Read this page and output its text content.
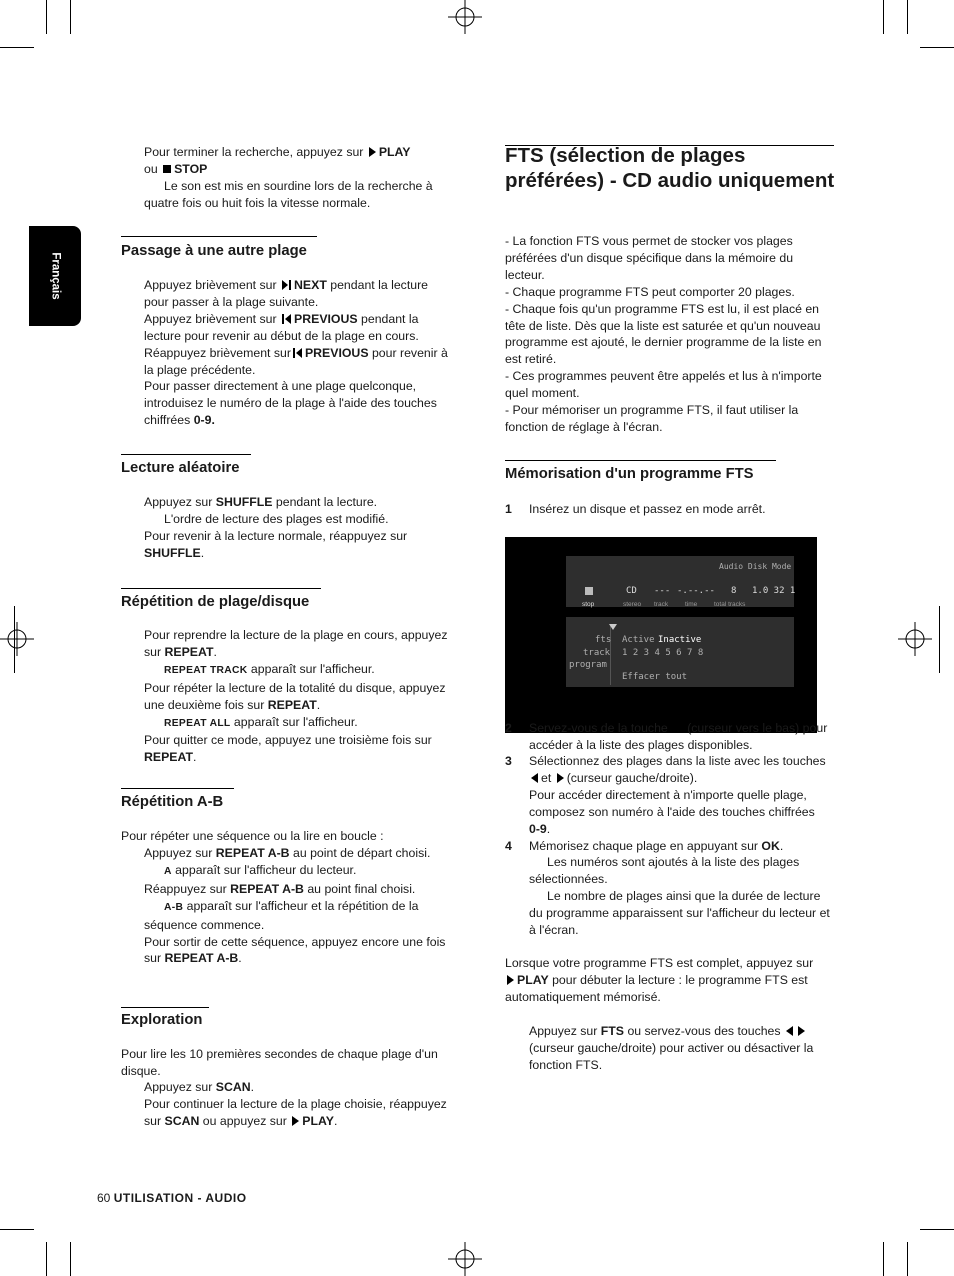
Français
Pour terminer la recherche, appuyez sur PLAY
ou STOP
Le son est mis en sourdine lors de la recherche à quatre fois ou huit fois la vitesse normale.
Passage à une autre plage
Appuyez brièvement sur NEXT pendant la lecture pour passer à la plage suivante.
Appuyez brièvement sur PREVIOUS pendant la lecture pour revenir au début de la plage en cours.
Réappuyez brièvement sur PREVIOUS pour revenir à la plage précédente.
Pour passer directement à une plage quelconque, introduisez le numéro de la plage à l'aide des touches chiffrées 0-9.
Lecture aléatoire
Appuyez sur SHUFFLE pendant la lecture.
L'ordre de lecture des plages est modifié.
Pour revenir à la lecture normale, réappuyez sur SHUFFLE.
Répétition de plage/disque
Pour reprendre la lecture de la plage en cours, appuyez sur REPEAT.
REPEAT TRACK apparaît sur l'afficheur.
Pour répéter la lecture de la totalité du disque, appuyez une deuxième fois sur REPEAT.
REPEAT ALL apparaît sur l'afficheur.
Pour quitter ce mode, appuyez une troisième fois sur REPEAT.
Répétition A-B
Pour répéter une séquence ou la lire en boucle :
Appuyez sur REPEAT A-B au point de départ choisi.
A apparaît sur l'afficheur du lecteur.
Réappuyez sur REPEAT A-B au point final choisi.
A-B apparaît sur l'afficheur et la répétition de la séquence commence.
Pour sortir de cette séquence, appuyez encore une fois sur REPEAT A-B.
Exploration
Pour lire les 10 premières secondes de chaque plage d'un disque.
Appuyez sur SCAN.
Pour continuer la lecture de la plage choisie, réappuyez sur SCAN ou appuyez sur PLAY.
FTS (sélection de plages préférées) - CD audio uniquement
- La fonction FTS vous permet de stocker vos plages préférées d'un disque spécifique dans la mémoire du lecteur.
- Chaque programme FTS peut comporter 20 plages.
- Chaque fois qu'un programme FTS est lu, il est placé en tête de liste. Dès que la liste est saturée et qu'un nouveau programme est ajouté, le dernier programme de la liste en est retiré.
- Ces programmes peuvent être appelés et lus à n'importe quel moment.
- Pour mémoriser un programme FTS, il faut utiliser la fonction de réglage à l'écran.
Mémorisation d'un programme FTS
1 Insérez un disque et passez en mode arrêt.
Audio Disk Mode
stop
CD
stereo
---
track
-.--.--
time
8
total tracks
1.0 32 1
fts
track
program
Active Inactive
1 2 3 4 5 6 7 8
Effacer tout
2 Servez-vous de la touche (curseur vers le bas) pour accéder à la liste des plages disponibles.
3 Sélectionnez des plages dans la liste avec les touches
et (curseur gauche/droite).
Pour accéder directement à n'importe quelle plage, composez son numéro à l'aide des touches chiffrées
0-9.
4 Mémorisez chaque plage en appuyant sur OK.
Les numéros sont ajoutés à la liste des plages sélectionnées.
Le nombre de plages ainsi que la durée de lecture du programme apparaissent sur l'afficheur du lecteur et à l'écran.
Lorsque votre programme FTS est complet, appuyez sur
PLAY pour débuter la lecture : le programme FTS est automatiquement mémorisé.
Appuyez sur FTS ou servez-vous des touches
(curseur gauche/droite) pour activer ou désactiver la fonction FTS.
60 UTILISATION - AUDIO
